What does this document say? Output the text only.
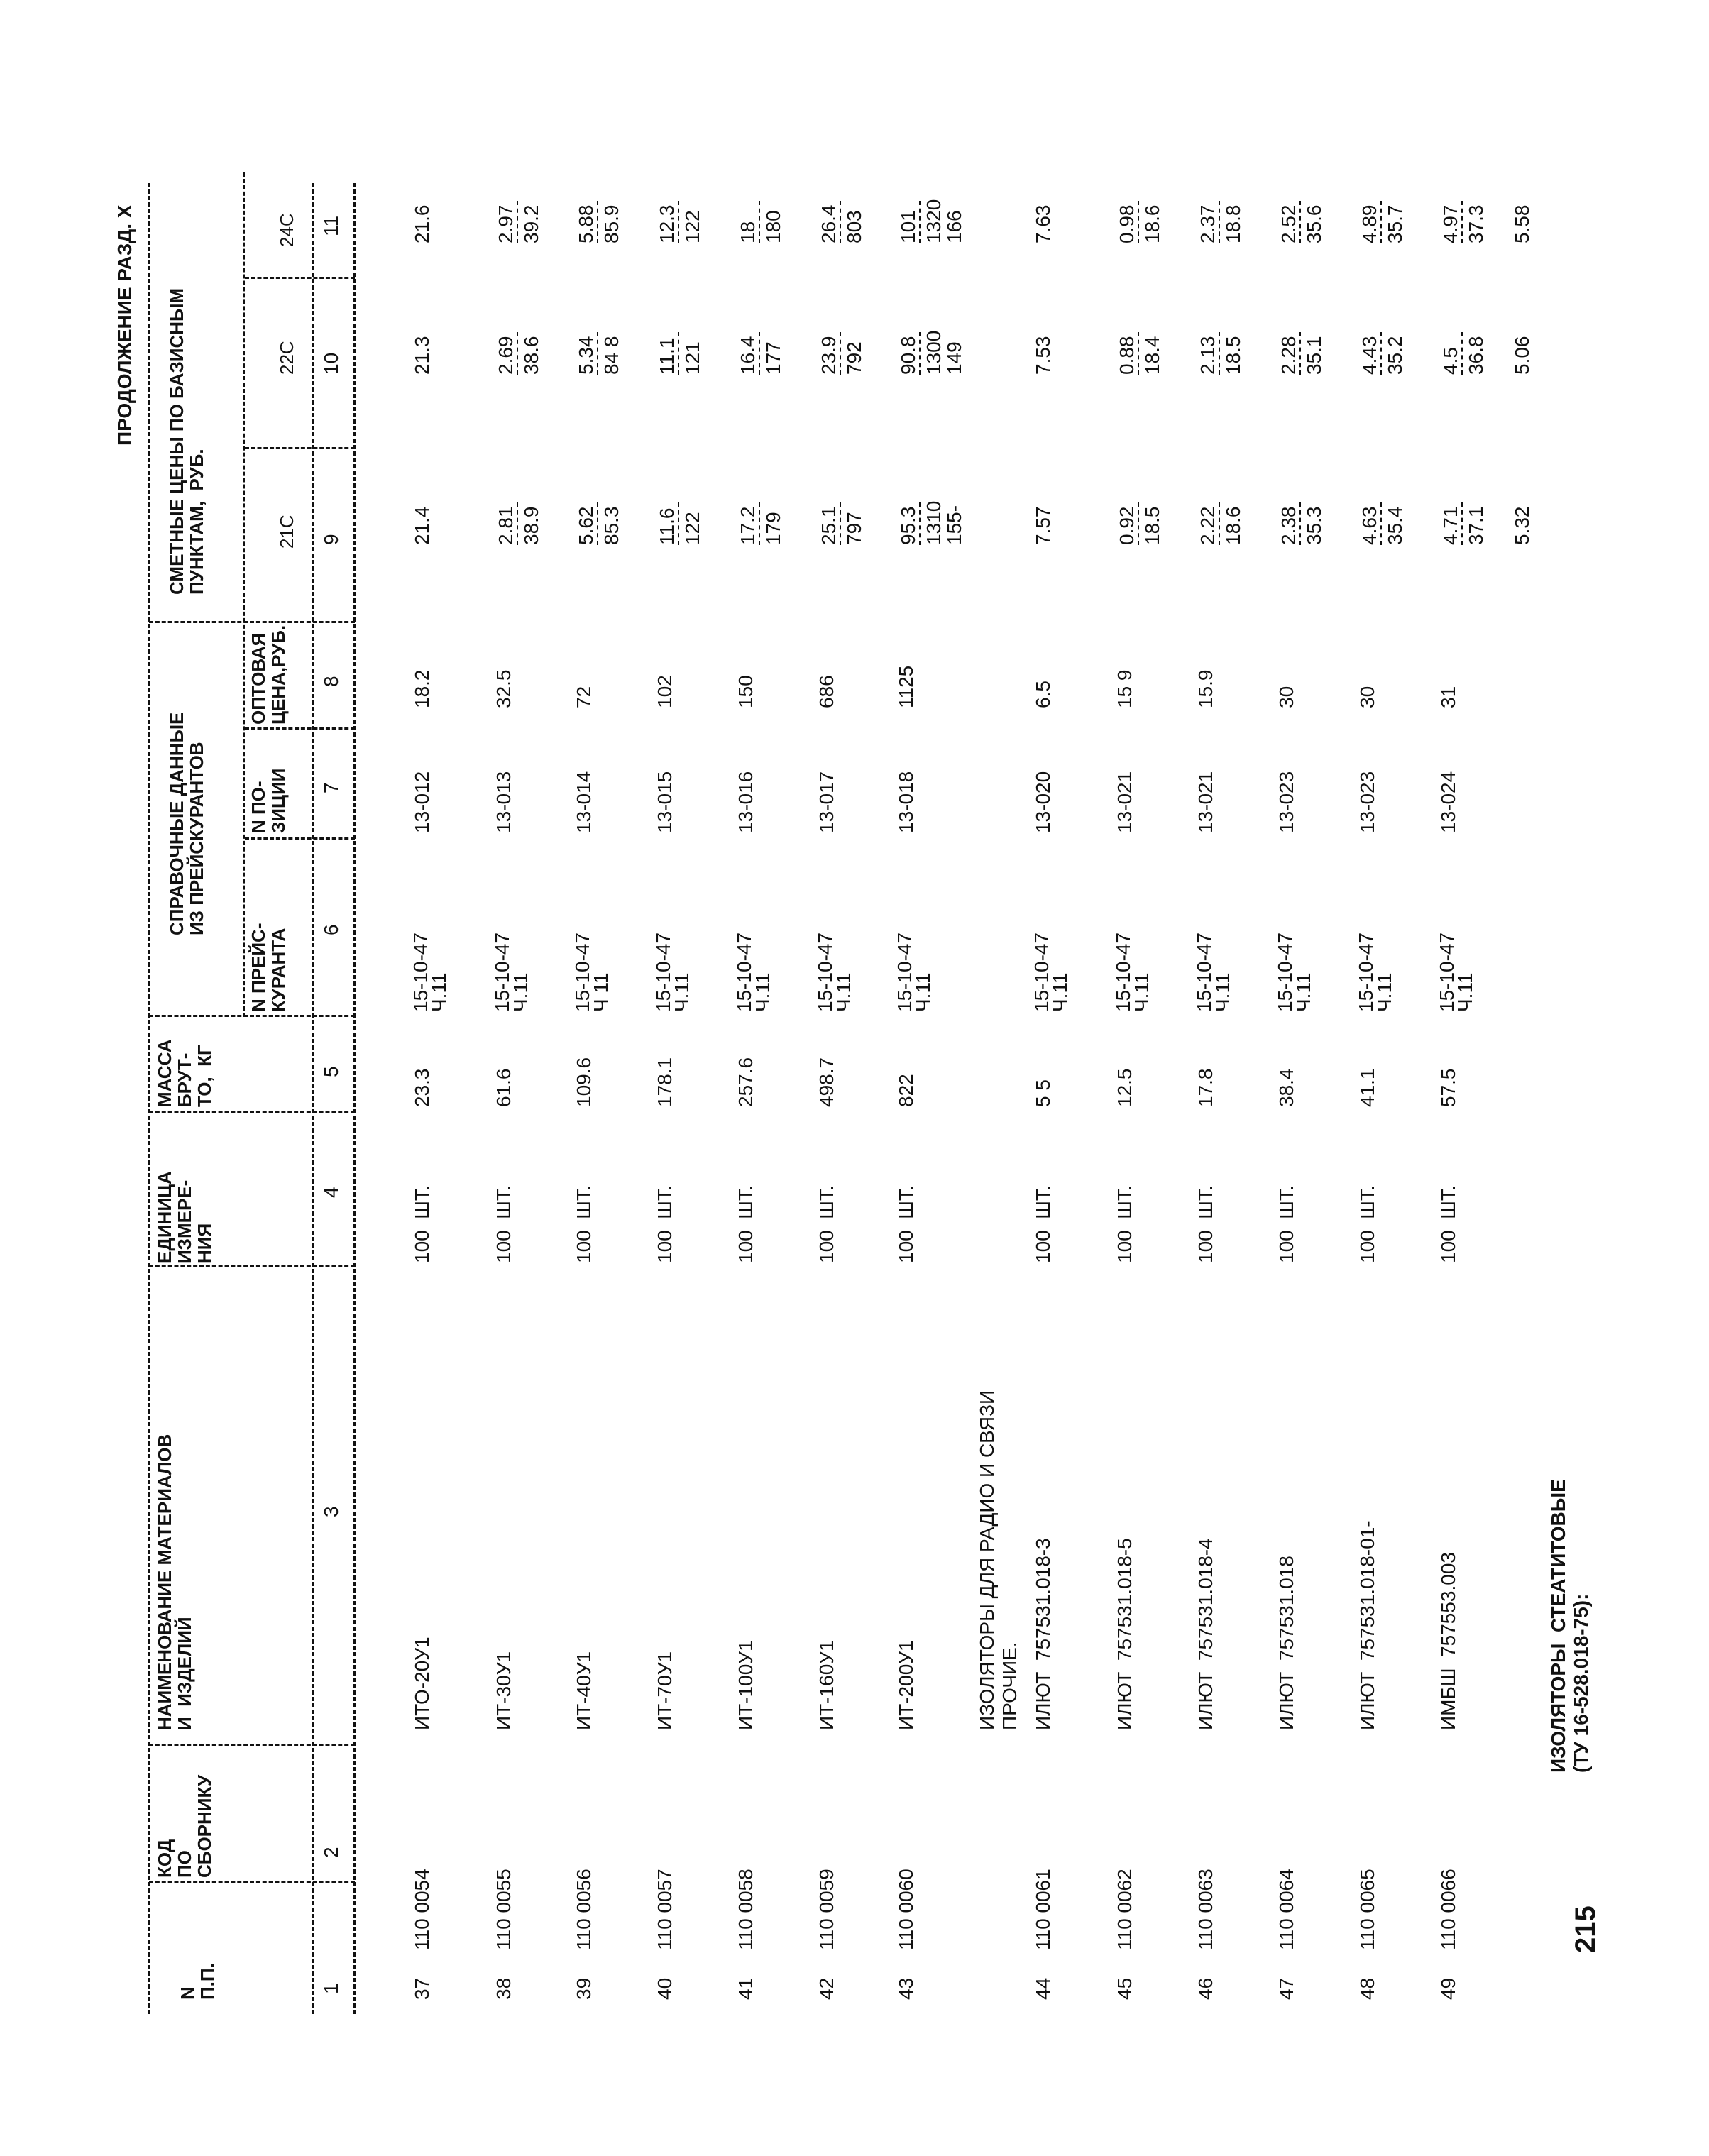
ПРОДОЛЖЕНИЕ РАЗД. X
N
П.П.
КОД
ПО
СБОРНИКУ
НАИМЕНОВАНИЕ МАТЕРИАЛОВ
И  ИЗДЕЛИЙ
ЕДИНИЦА
ИЗМЕРЕ-
НИЯ
МАССА
БРУТ-
ТО,  КГ
СПРАВОЧНЫЕ ДАННЫЕ
ИЗ ПРЕЙСКУРАНТОВ
N ПРЕЙС-
КУРАНТА
N ПО-
ЗИЦИИ
ОПТОВАЯ
ЦЕНА,РУБ.
СМЕТНЫЕ ЦЕНЫ ПО БАЗИСНЫМ
ПУНКТАМ,  РУБ.
21С
22С
24С
1
2
3
4
5
6
7
8
9
10
11
ИЗОЛЯТОРЫ ДЛЯ РАДИО И СВЯЗИ
ПРОЧИЕ.	ИЗОЛЯТОРЫ  СТЕАТИТОВЫЕ
(ТУ 16-528.018-75):
155-
149
166
5.32
5.06
5.58
37
110 0054
ИТО-20У1
100  ШТ.
23.3
15-10-47
Ч.11
13-012
18.2
21.4
21.3
21.6
38
110 0055
ИТ-30У1
100  ШТ.
61.6
15-10-47
Ч.11
13-013
32.5
2.81
38.9
2.69
38.6
2.97
39.2
39
110 0056
ИТ-40У1
100  ШТ.
109.6
15-10-47
Ч 11
13-014
72
5.62
85.3
5.34
84 8
5.88
85.9
40
110 0057
ИТ-70У1
100  ШТ.
178.1
15-10-47
Ч.11
13-015
102
11.6
122
11.1
121
12.3
122
41
110 0058
ИТ-100У1
100  ШТ.
257.6
15-10-47
Ч.11
13-016
150
17.2
179
16.4
177
18
180
42
110 0059
ИТ-160У1
100  ШТ.
498.7
15-10-47
Ч.11
13-017
686
25.1
797
23.9
792
26.4
803
43
110 0060
ИТ-200У1
100  ШТ.
822
15-10-47
Ч.11
13-018
1125
95.3
1310
90.8
1300
101
1320
44
110 0061
ИЛЮТ  757531.018-3
100  ШТ.
5 5
15-10-47
Ч.11
13-020
6.5
7.57
7.53
7.63
45
110 0062
ИЛЮТ  757531.018-5
100  ШТ.
12.5
15-10-47
Ч.11
13-021
15 9
0.92
18.5
0.88
18.4
0.98
18.6
46
110 0063
ИЛЮТ  757531.018-4
100  ШТ.
17.8
15-10-47
Ч.11
13-021
15.9
2.22
18.6
2.13
18.5
2.37
18.8
47
110 0064
ИЛЮТ  757531.018
100  ШТ.
38.4
15-10-47
Ч.11
13-023
30
2.38
35.3
2.28
35.1
2.52
35.6
48
110 0065
ИЛЮТ  757531.018-01-
100  ШТ.
41.1
15-10-47
Ч.11
13-023
30
4.63
35.4
4.43
35.2
4.89
35.7
49
110 0066
ИМБШ  757553.003
100  ШТ.
57.5
15-10-47
Ч.11
13-024
31
4.71
37.1
4.5
36.8
4.97
37.3
215
